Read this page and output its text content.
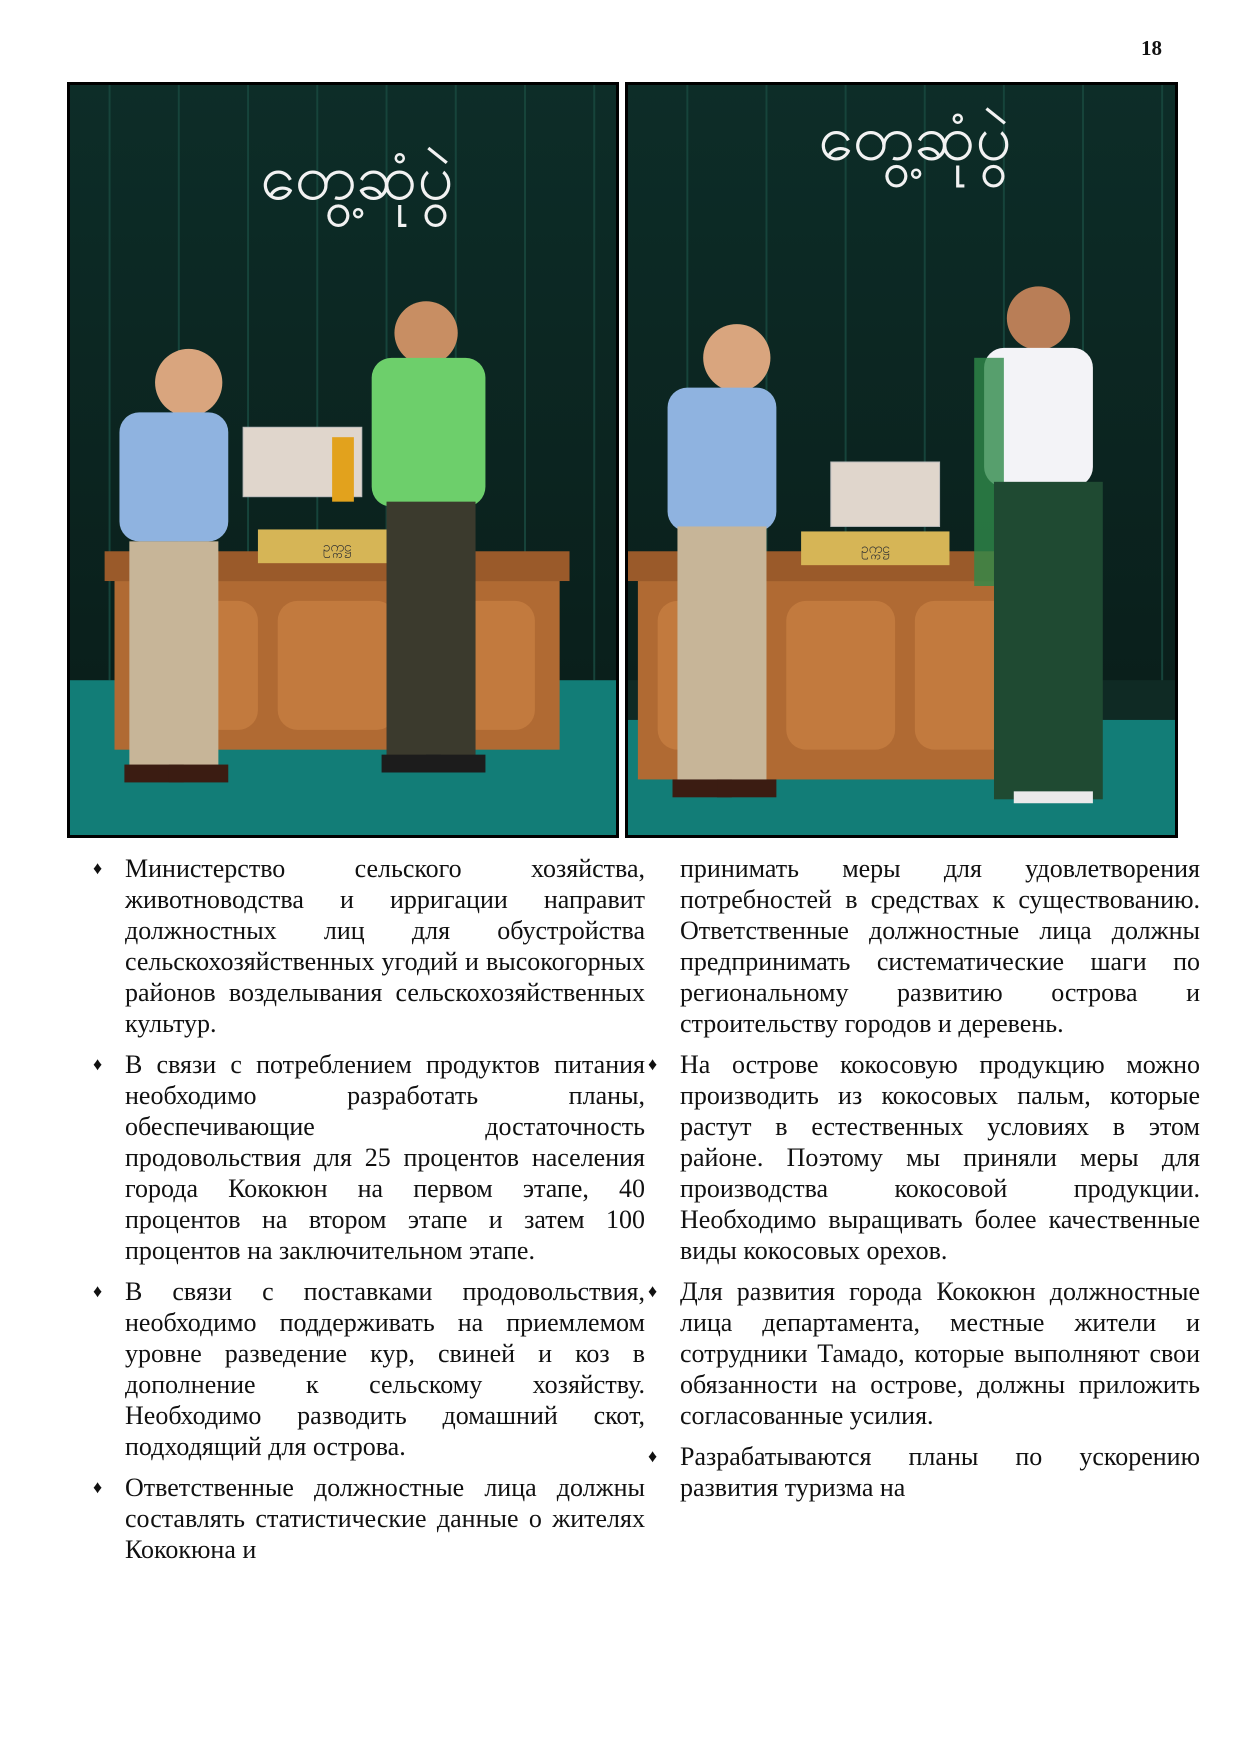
18
တွေ့ဆုံပွဲ
ဥက္ကဋ္ဌ
တွေ့ဆုံပွဲ
ဥက္ကဋ္ဌ
♦ Министерство сельского хозяйства, животноводства и ирригации направит должностных лиц для обустройства сельскохозяйственных угодий и высокогорных районов возделывания сельскохозяйственных культур.
♦ В связи с потреблением продуктов питания необходимо разработать планы, обеспечивающие достаточность продовольствия для 25 процентов населения города Кококюн на первом этапе, 40 процентов на втором этапе и затем 100 процентов на заключительном этапе.
♦ В связи с поставками продовольствия, необходимо поддерживать на приемлемом уровне разведение кур, свиней и коз в дополнение к сельскому хозяйству. Необходимо разводить домашний скот, подходящий для острова.
♦ Ответственные должностные лица должны составлять статистические данные о жителях Кококюна и
принимать меры для удовлетворения потребностей в средствах к существованию. Ответственные должностные лица должны предпринимать систематические шаги по региональному развитию острова и строительству городов и деревень.
♦ На острове кокосовую продукцию можно производить из кокосовых пальм, которые растут в естественных условиях в этом районе. Поэтому мы приняли меры для производства кокосовой продукции. Необходимо выращивать более качественные виды кокосовых орехов.
♦ Для развития города Кококюн должностные лица департамента, местные жители и сотрудники Тамадо, которые выполняют свои обязанности на острове, должны приложить согласованные усилия.
♦ Разрабатываются планы по ускорению развития туризма на
